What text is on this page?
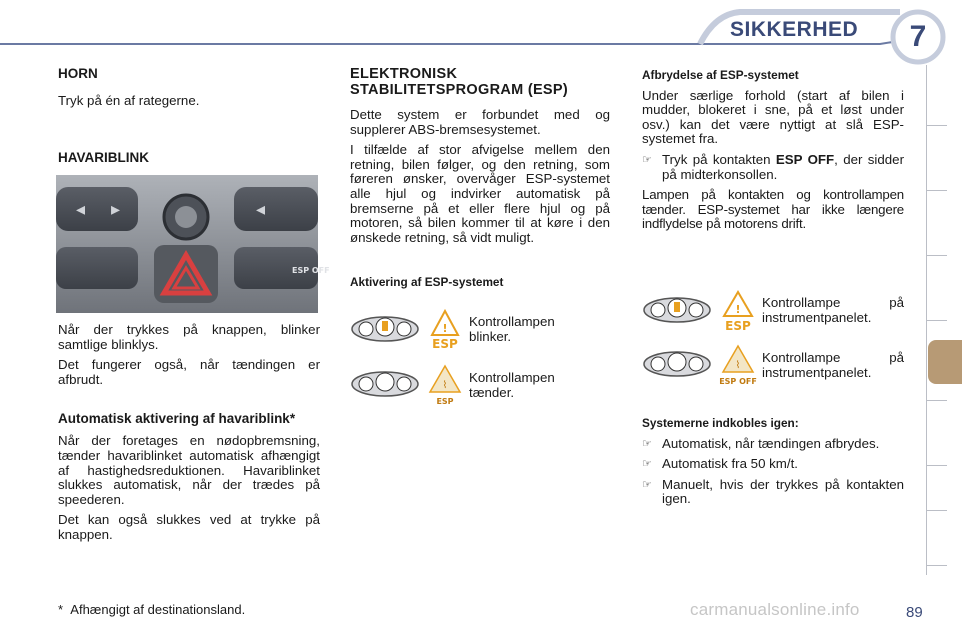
SIKKERHED	7
HORN

Tryk på én af rategerne.

HAVARIBLINK
◂ ▸	◂
ESP OFF

Når der trykkes på knappen, blinker samtlige blinklys.

Det fungerer også, når tændingen er afbrudt.

Automatisk aktivering af havariblink*

Når der foretages en nødopbremsning, tænder havariblinket automatisk afhængigt af hastighedsreduktionen. Havariblinket slukkes automatisk, når der trædes på speederen.

Det kan også slukkes ved at trykke på knappen.

ELEKTRONISK
STABILITETSPROGRAM (ESP)

Dette system er forbundet med og supplerer ABS-bremsesystemet.

I tilfælde af stor afvigelse mellem den retning, bilen følger, og den retning, som føreren ønsker, overvåger ESP-systemet alle hjul og indvirker automatisk på bremserne på et eller flere hjul og på motoren, så bilen kommer til at køre i den ønskede retning, så vidt muligt.

Aktivering af ESP-systemet
!
ESP
Kontrollampen blinker.
⌇
ESP
Kontrollampen tænder.
Afbrydelse af ESP-systemet

Under særlige forhold (start af bilen i mudder, blokeret i sne, på et løst under osv.) kan det være nyttigt at slå ESP-systemet fra.

☞ Tryk på kontakten ESP OFF, der sidder på midterkonsollen.

Lampen på kontakten og kontrollampen tænder. ESP-systemet har ikke længere indflydelse på motorens drift.

!
ESP
Kontrollampe på instrumentpanelet.
⌇
ESP OFF
Kontrollampe på instrumentpanelet.
Systemerne indkobles igen:
☞ Automatisk, når tændingen afbrydes.
☞ Automatisk fra 50 km/t.
☞ Manuelt, hvis der trykkes på kontakten igen.
* Afhængigt af destinationsland.	carmanualsonline.info	89
